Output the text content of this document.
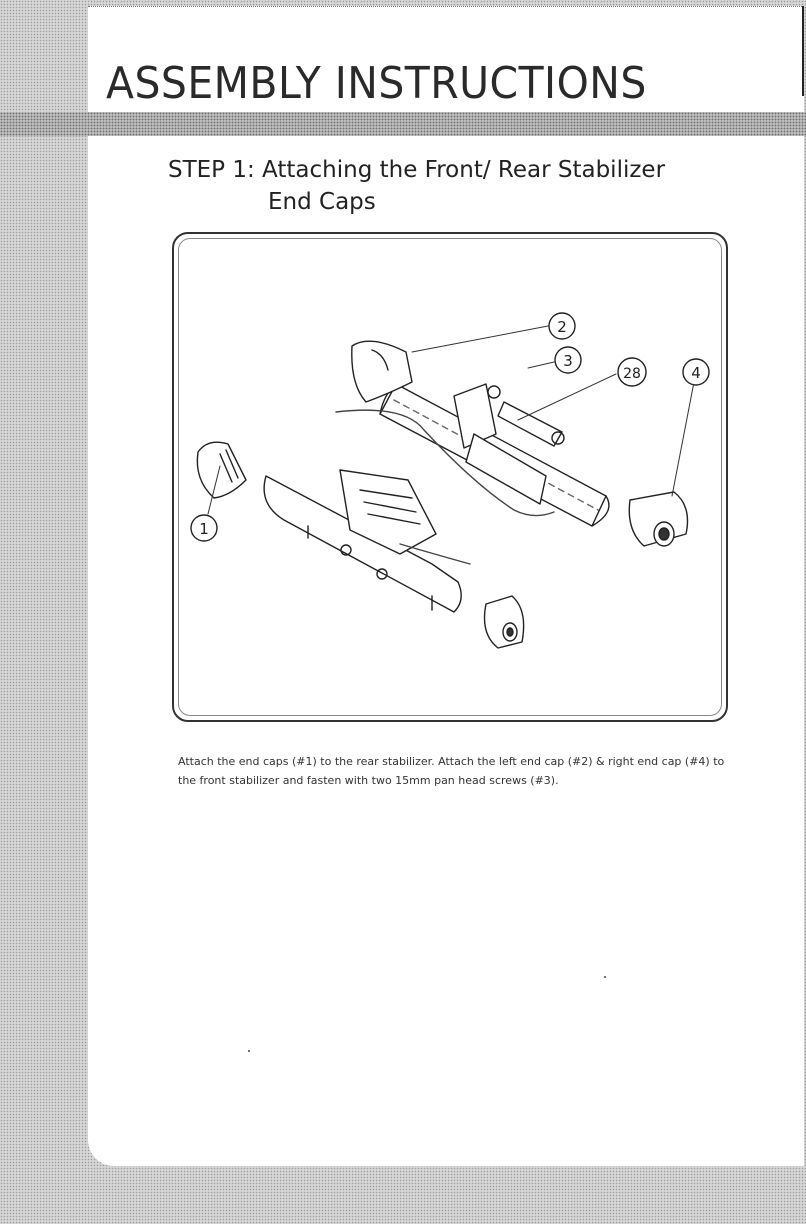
ASSEMBLY INSTRUCTIONS
STEP 1: Attaching the Front/ Rear Stabilizer
End Caps
2
3
28	4
1

Attach the end caps (#1) to the rear stabilizer. Attach the left end cap (#2) & right end cap (#4) to the front stabilizer and fasten with two 15mm pan head screws (#3).
